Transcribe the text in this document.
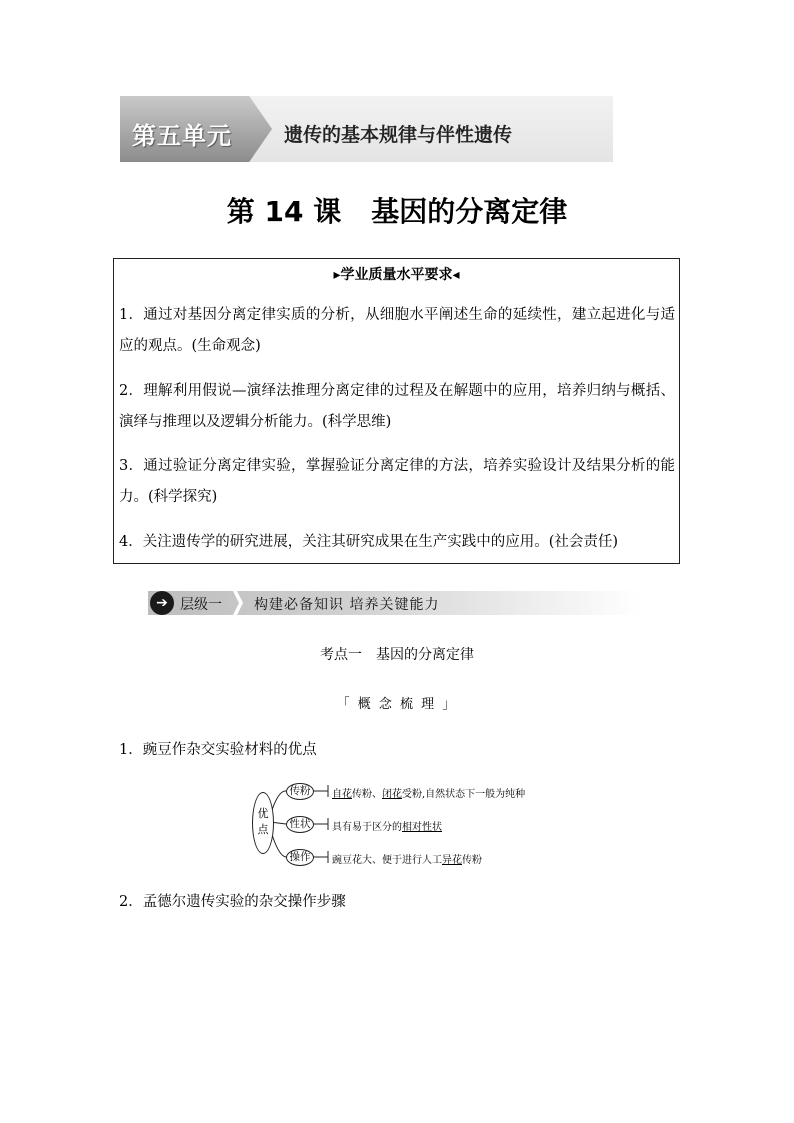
第五单元	遗传的基本规律与伴性遗传
第 14 课 基因的分离定律
▸学业质量水平要求◂
1．通过对基因分离定律实质的分析，从细胞水平阐述生命的延续性，建立起进化与适应的观点。(生命观念)
2．理解利用假说—演绎法推理分离定律的过程及在解题中的应用，培养归纳与概括、演绎与推理以及逻辑分析能力。(科学思维)
3．通过验证分离定律实验，掌握验证分离定律的方法，培养实验设计及结果分析的能力。(科学探究)
4．关注遗传学的研究进展，关注其研究成果在生产实践中的应用。(社会责任)
➔ 层级一 构建必备知识 培养关键能力
考点一　基因的分离定律
「 概 念 梳 理 」
1．豌豆作杂交实验材料的优点
优点
传粉
性状
操作
自花传粉、闭花受粉,自然状态下一般为纯种
具有易于区分的相对性状
豌豆花大、便于进行人工异花传粉
2．孟德尔遗传实验的杂交操作步骤
